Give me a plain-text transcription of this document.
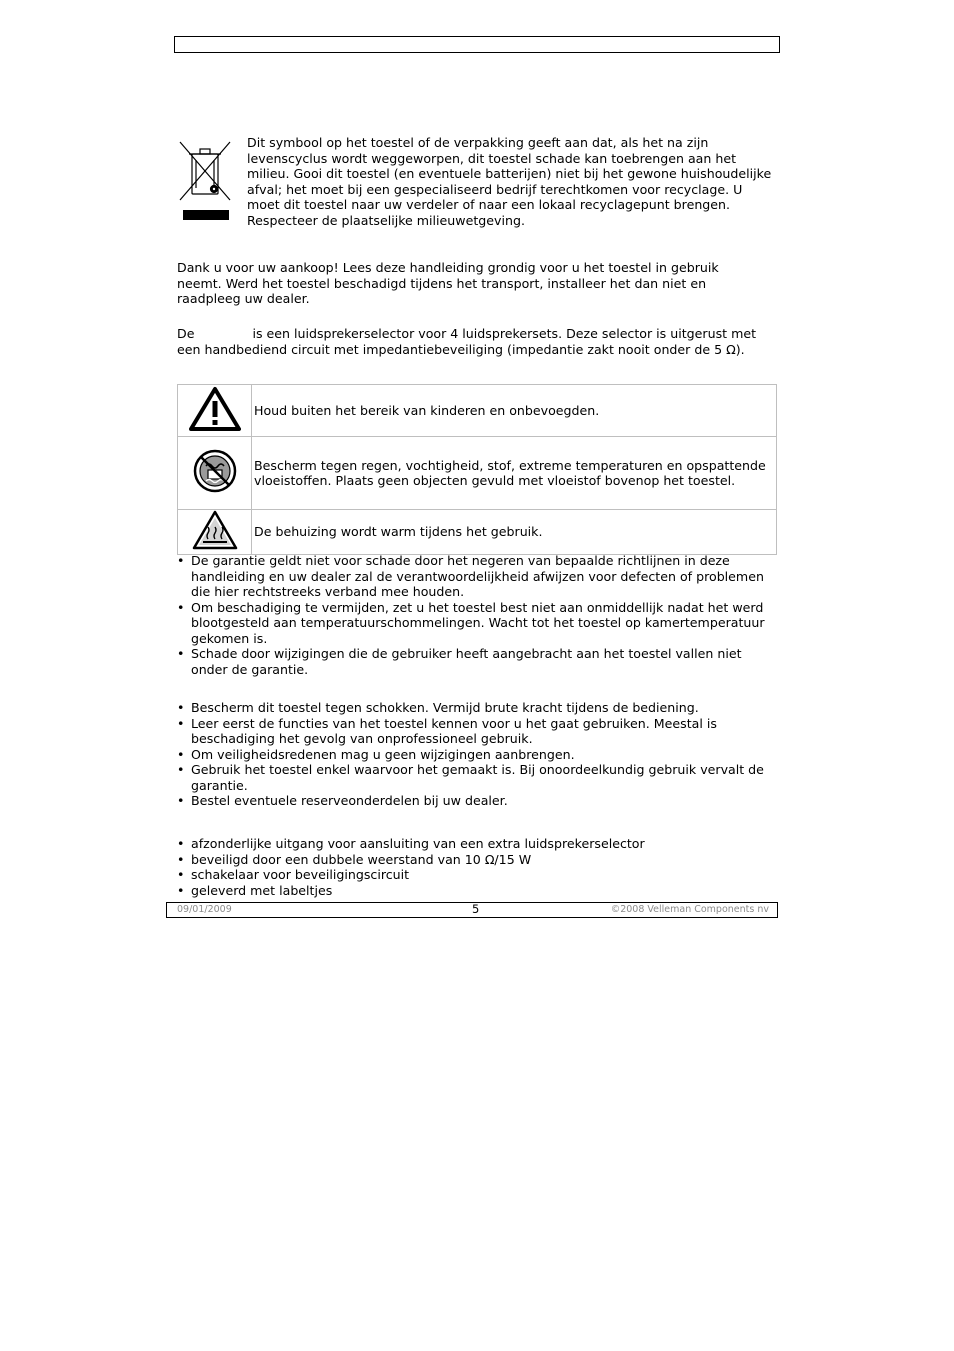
Dit symbool op het toestel of de verpakking geeft aan dat, als het na zijn levenscyclus wordt weggeworpen, dit toestel schade kan toebrengen aan het milieu. Gooi dit toestel (en eventuele batterijen) niet bij het gewone huishoudelijke afval; het moet bij een gespecialiseerd bedrijf terechtkomen voor recyclage. U moet dit toestel naar uw verdeler of naar een lokaal recyclagepunt brengen. Respecteer de plaatselijke milieuwetgeving.
Dank u voor uw aankoop! Lees deze handleiding grondig voor u het toestel in gebruik neemt. Werd het toestel beschadigd tijdens het transport, installeer het dan niet en raadpleeg uw dealer.
De	is een luidsprekerselector voor 4 luidsprekersets. Deze selector is uitgerust met een handbediend circuit met impedantiebeveiliging (impedantie zakt nooit onder de 5 Ω).
	Houd buiten het bereik van kinderen en onbevoegden.
	Bescherm tegen regen, vochtigheid, stof, extreme temperaturen en opspattende vloeistoffen. Plaats geen objecten gevuld met vloeistof bovenop het toestel.
	De behuizing wordt warm tijdens het gebruik.
• De garantie geldt niet voor schade door het negeren van bepaalde richtlijnen in deze handleiding en uw dealer zal de verantwoordelijkheid afwijzen voor defecten of problemen die hier rechtstreeks verband mee houden.
• Om beschadiging te vermijden, zet u het toestel best niet aan onmiddellijk nadat het werd blootgesteld aan temperatuurschommelingen. Wacht tot het toestel op kamertemperatuur gekomen is.
• Schade door wijzigingen die de gebruiker heeft aangebracht aan het toestel vallen niet onder de garantie.
• Bescherm dit toestel tegen schokken. Vermijd brute kracht tijdens de bediening.
• Leer eerst de functies van het toestel kennen voor u het gaat gebruiken. Meestal is beschadiging het gevolg van onprofessioneel gebruik.
• Om veiligheidsredenen mag u geen wijzigingen aanbrengen.
• Gebruik het toestel enkel waarvoor het gemaakt is. Bij onoordeelkundig gebruik vervalt de garantie.
• Bestel eventuele reserveonderdelen bij uw dealer.
• afzonderlijke uitgang voor aansluiting van een extra luidsprekerselector
• beveiligd door een dubbele weerstand van 10 Ω/15 W
• schakelaar voor beveiligingscircuit
• geleverd met labeltjes
09/01/2009	5	©2008 Velleman Components nv
